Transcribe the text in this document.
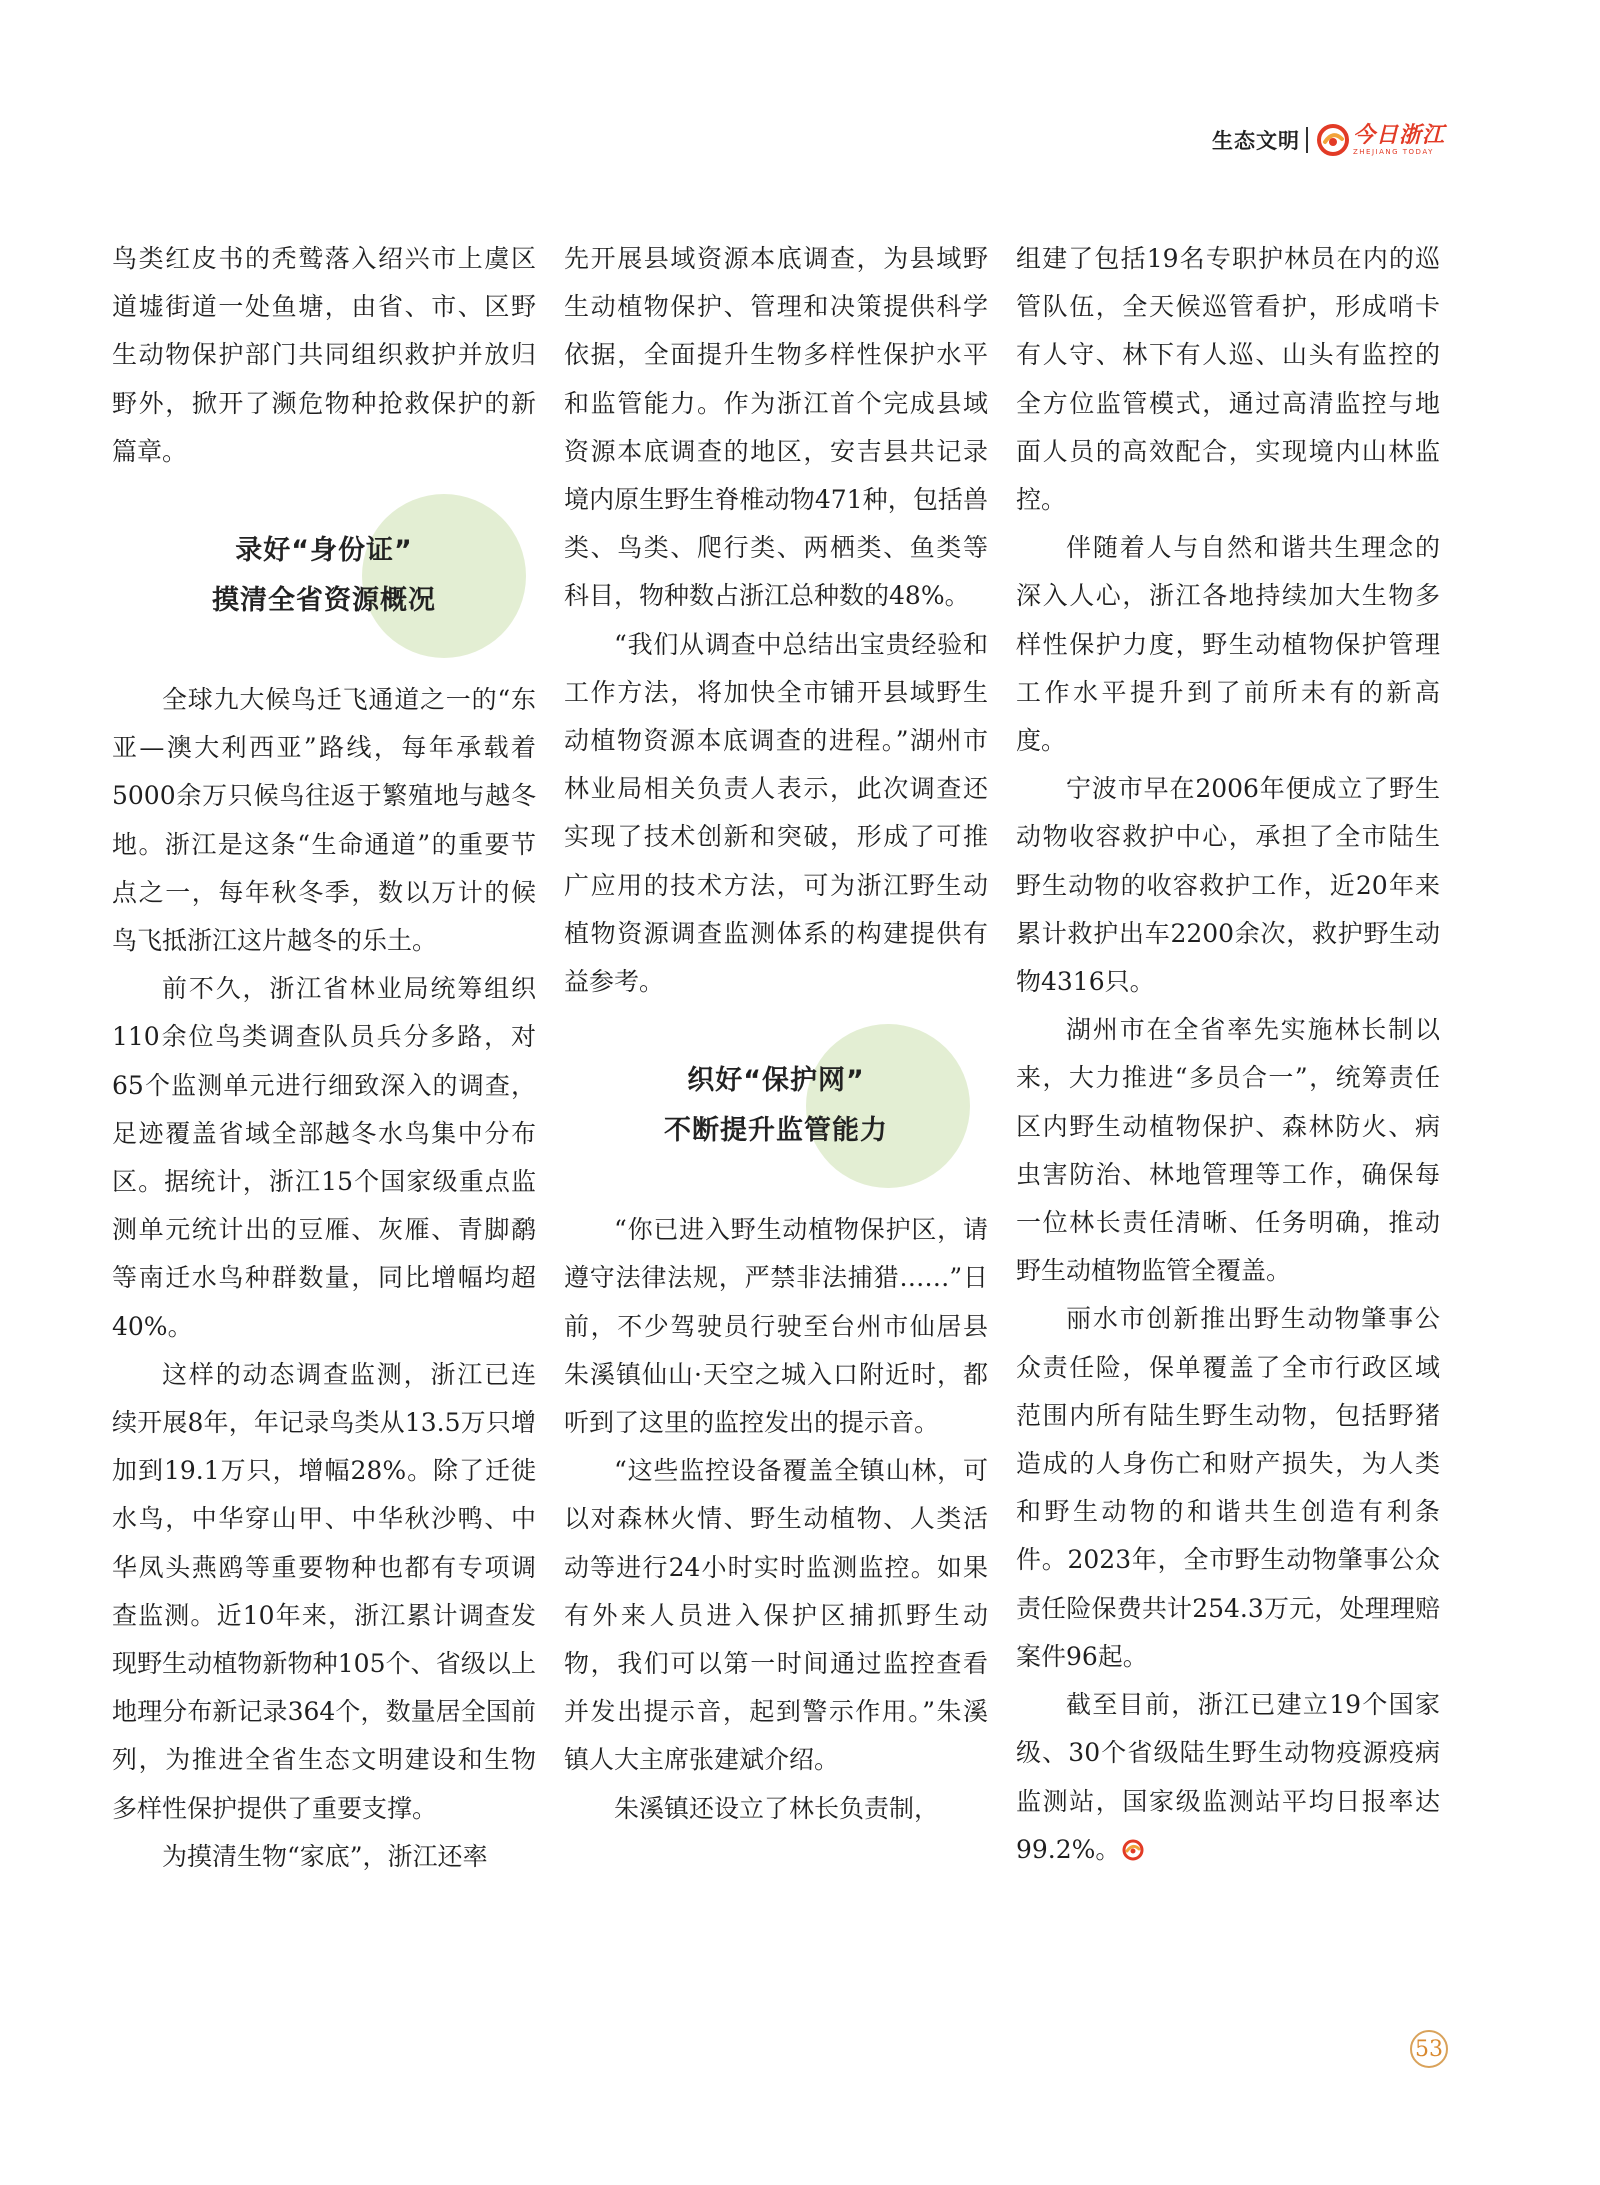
生态文明 今日浙江
ZHEJIANG TODAY

鸟类红皮书的秃鹫落入绍兴市上虞区道墟街道一处鱼塘，由省、市、区野生动物保护部门共同组织救护并放归野外，掀开了濒危物种抢救保护的新篇章。

录好“身份证”
摸清全省资源概况

全球九大候鸟迁飞通道之一的“东亚—澳大利西亚”路线，每年承载着5000余万只候鸟往返于繁殖地与越冬地。浙江是这条“生命通道”的重要节点之一，每年秋冬季，数以万计的候鸟飞抵浙江这片越冬的乐土。

前不久，浙江省林业局统筹组织110余位鸟类调查队员兵分多路，对65个监测单元进行细致深入的调查，足迹覆盖省域全部越冬水鸟集中分布区。据统计，浙江15个国家级重点监测单元统计出的豆雁、灰雁、青脚鹬等南迁水鸟种群数量，同比增幅均超40%。

这样的动态调查监测，浙江已连续开展8年，年记录鸟类从13.5万只增加到19.1万只，增幅28%。除了迁徙水鸟，中华穿山甲、中华秋沙鸭、中华凤头燕鸥等重要物种也都有专项调查监测。近10年来，浙江累计调查发现野生动植物新物种105个、省级以上地理分布新记录364个，数量居全国前列，为推进全省生态文明建设和生物多样性保护提供了重要支撑。

为摸清生物“家底”，浙江还率

先开展县域资源本底调查，为县域野生动植物保护、管理和决策提供科学依据，全面提升生物多样性保护水平和监管能力。作为浙江首个完成县域资源本底调查的地区，安吉县共记录境内原生野生脊椎动物471种，包括兽类、鸟类、爬行类、两栖类、鱼类等科目，物种数占浙江总种数的48%。

“我们从调查中总结出宝贵经验和工作方法，将加快全市铺开县域野生动植物资源本底调查的进程。”湖州市林业局相关负责人表示，此次调查还实现了技术创新和突破，形成了可推广应用的技术方法，可为浙江野生动植物资源调查监测体系的构建提供有益参考。

织好“保护网”
不断提升监管能力

“你已进入野生动植物保护区，请遵守法律法规，严禁非法捕猎……”日前，不少驾驶员行驶至台州市仙居县朱溪镇仙山·天空之城入口附近时，都听到了这里的监控发出的提示音。

“这些监控设备覆盖全镇山林，可以对森林火情、野生动植物、人类活动等进行24小时实时监测监控。如果有外来人员进入保护区捕抓野生动物，我们可以第一时间通过监控查看并发出提示音，起到警示作用。”朱溪镇人大主席张建斌介绍。

朱溪镇还设立了林长负责制，

组建了包括19名专职护林员在内的巡管队伍，全天候巡管看护，形成哨卡有人守、林下有人巡、山头有监控的全方位监管模式，通过高清监控与地面人员的高效配合，实现境内山林监控。

伴随着人与自然和谐共生理念的深入人心，浙江各地持续加大生物多样性保护力度，野生动植物保护管理工作水平提升到了前所未有的新高度。

宁波市早在2006年便成立了野生动物收容救护中心，承担了全市陆生野生动物的收容救护工作，近20年来累计救护出车2200余次，救护野生动物4316只。

湖州市在全省率先实施林长制以来，大力推进“多员合一”，统筹责任区内野生动植物保护、森林防火、病虫害防治、林地管理等工作，确保每一位林长责任清晰、任务明确，推动野生动植物监管全覆盖。

丽水市创新推出野生动物肇事公众责任险，保单覆盖了全市行政区域范围内所有陆生野生动物，包括野猪造成的人身伤亡和财产损失，为人类和野生动物的和谐共生创造有利条件。2023年，全市野生动物肇事公众责任险保费共计254.3万元，处理理赔案件96起。

截至目前，浙江已建立19个国家级、30个省级陆生野生动物疫源疫病监测站，国家级监测站平均日报率达99.2%。

53
